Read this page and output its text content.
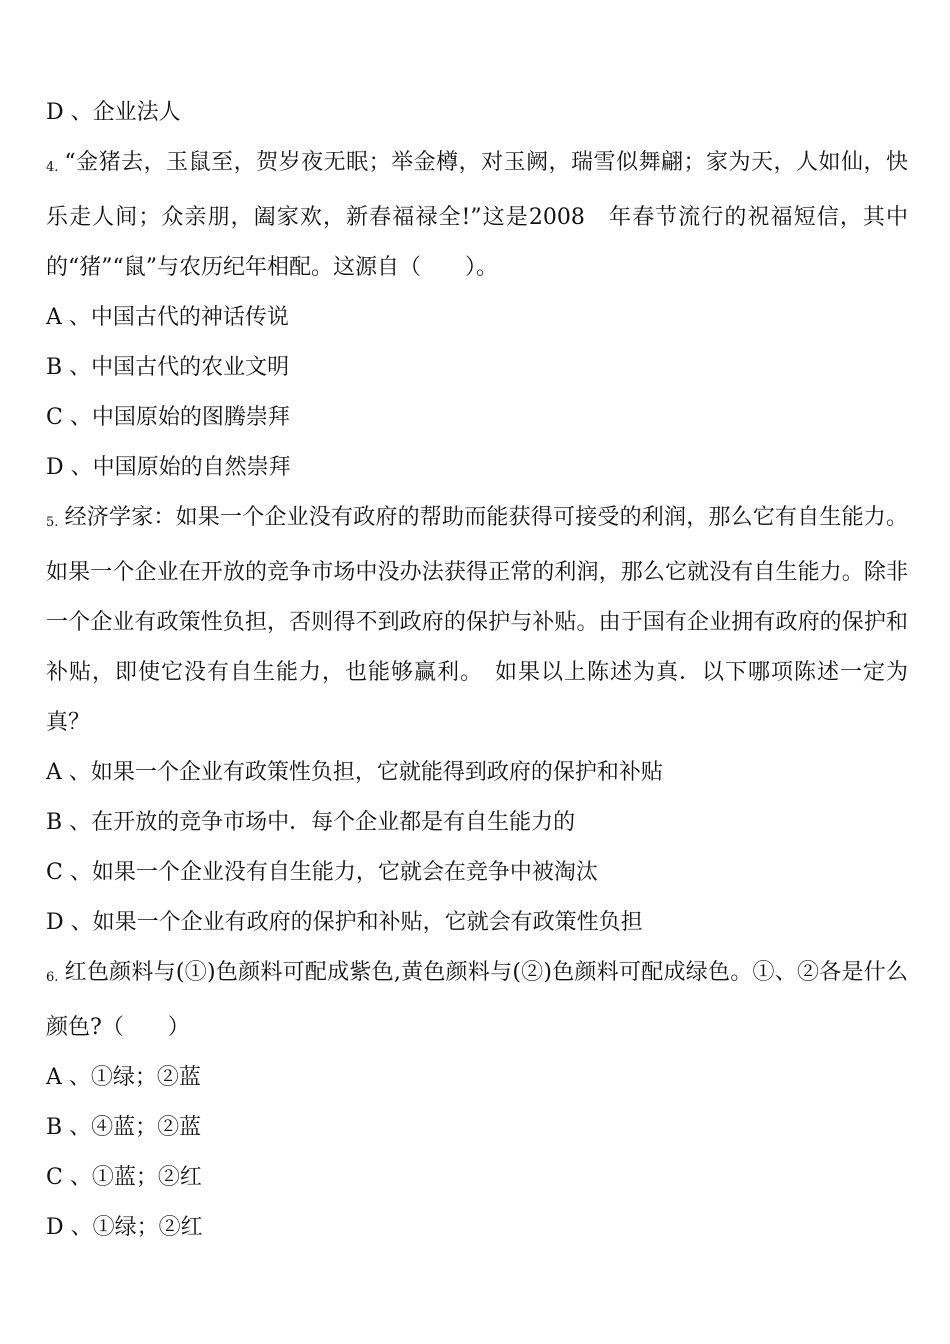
D 、企业法人
4. “金猪去，玉鼠至，贺岁夜无眠；举金樽，对玉阙，瑞雪似舞翩；家为天，人如仙，快乐走人间；众亲朋，阖家欢，新春福禄全!”这是2008　年春节流行的祝福短信，其中的“猪”“鼠”与农历纪年相配。这源自（　　）。
A 、中国古代的神话传说
B 、中国古代的农业文明
C 、中国原始的图腾崇拜
D 、中国原始的自然崇拜
5. 经济学家：如果一个企业没有政府的帮助而能获得可接受的利润，那么它有自生能力。如果一个企业在开放的竞争市场中没办法获得正常的利润，那么它就没有自生能力。除非一个企业有政策性负担，否则得不到政府的保护与补贴。由于国有企业拥有政府的保护和补贴，即使它没有自生能力，也能够赢利。　如果以上陈述为真．以下哪项陈述一定为真？
A 、如果一个企业有政策性负担，它就能得到政府的保护和补贴
B 、在开放的竞争市场中．每个企业都是有自生能力的
C 、如果一个企业没有自生能力，它就会在竞争中被淘汰
D 、如果一个企业有政府的保护和补贴，它就会有政策性负担
6. 红色颜料与(①)色颜料可配成紫色,黄色颜料与(②)色颜料可配成绿色。①、②各是什么颜色?（　　）
A 、①绿；②蓝
B 、④蓝；②蓝
C 、①蓝；②红
D 、①绿；②红
